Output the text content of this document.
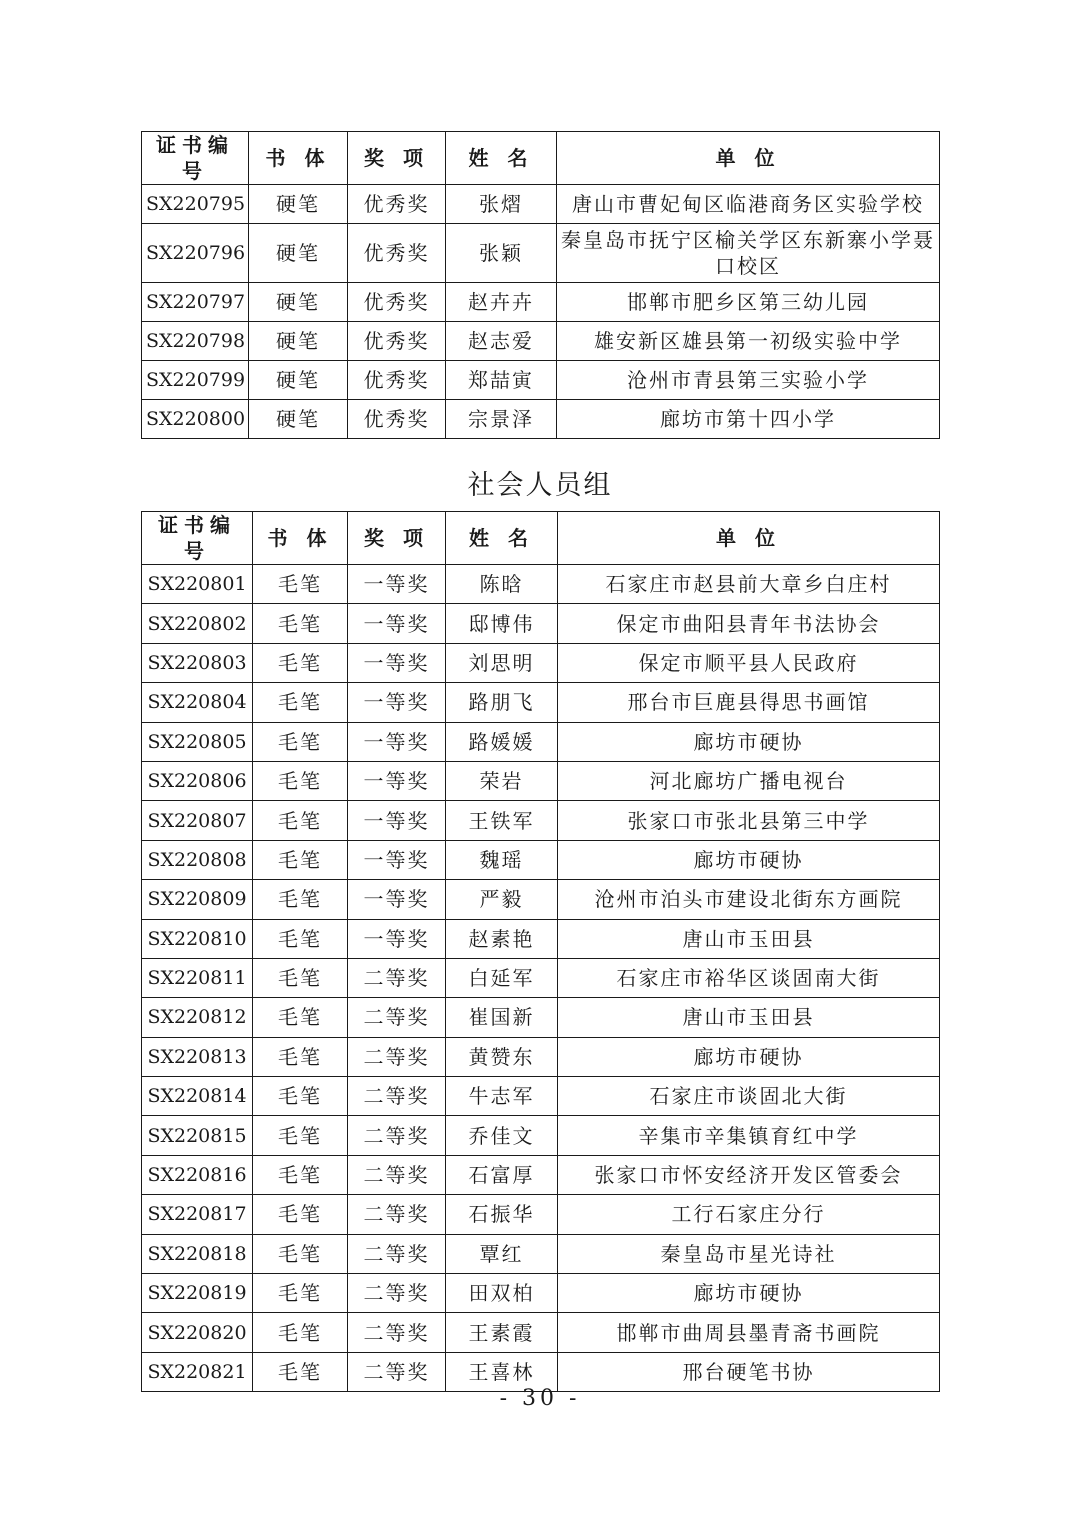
证书编号	书 体	奖 项	姓 名	单 位
SX220795	硬笔	优秀奖	张熠	唐山市曹妃甸区临港商务区实验学校
SX220796	硬笔	优秀奖	张颖	秦皇岛市抚宁区榆关学区东新寨小学聂口校区
SX220797	硬笔	优秀奖	赵卉卉	邯郸市肥乡区第三幼儿园
SX220798	硬笔	优秀奖	赵志爱	雄安新区雄县第一初级实验中学
SX220799	硬笔	优秀奖	郑喆寅	沧州市青县第三实验小学
SX220800	硬笔	优秀奖	宗景泽	廊坊市第十四小学
社会人员组
证书编号	书 体	奖 项	姓 名	单 位
SX220801	毛笔	一等奖	陈晗	石家庄市赵县前大章乡白庄村
SX220802	毛笔	一等奖	邸博伟	保定市曲阳县青年书法协会
SX220803	毛笔	一等奖	刘思明	保定市顺平县人民政府
SX220804	毛笔	一等奖	路朋飞	邢台市巨鹿县得思书画馆
SX220805	毛笔	一等奖	路媛媛	廊坊市硬协
SX220806	毛笔	一等奖	荣岩	河北廊坊广播电视台
SX220807	毛笔	一等奖	王铁军	张家口市张北县第三中学
SX220808	毛笔	一等奖	魏瑶	廊坊市硬协
SX220809	毛笔	一等奖	严毅	沧州市泊头市建设北街东方画院
SX220810	毛笔	一等奖	赵素艳	唐山市玉田县
SX220811	毛笔	二等奖	白延军	石家庄市裕华区谈固南大街
SX220812	毛笔	二等奖	崔国新	唐山市玉田县
SX220813	毛笔	二等奖	黄赞东	廊坊市硬协
SX220814	毛笔	二等奖	牛志军	石家庄市谈固北大街
SX220815	毛笔	二等奖	乔佳文	辛集市辛集镇育红中学
SX220816	毛笔	二等奖	石富厚	张家口市怀安经济开发区管委会
SX220817	毛笔	二等奖	石振华	工行石家庄分行
SX220818	毛笔	二等奖	覃红	秦皇岛市星光诗社
SX220819	毛笔	二等奖	田双柏	廊坊市硬协
SX220820	毛笔	二等奖	王素霞	邯郸市曲周县墨青斋书画院
SX220821	毛笔	二等奖	王喜林	邢台硬笔书协
- 30 -
